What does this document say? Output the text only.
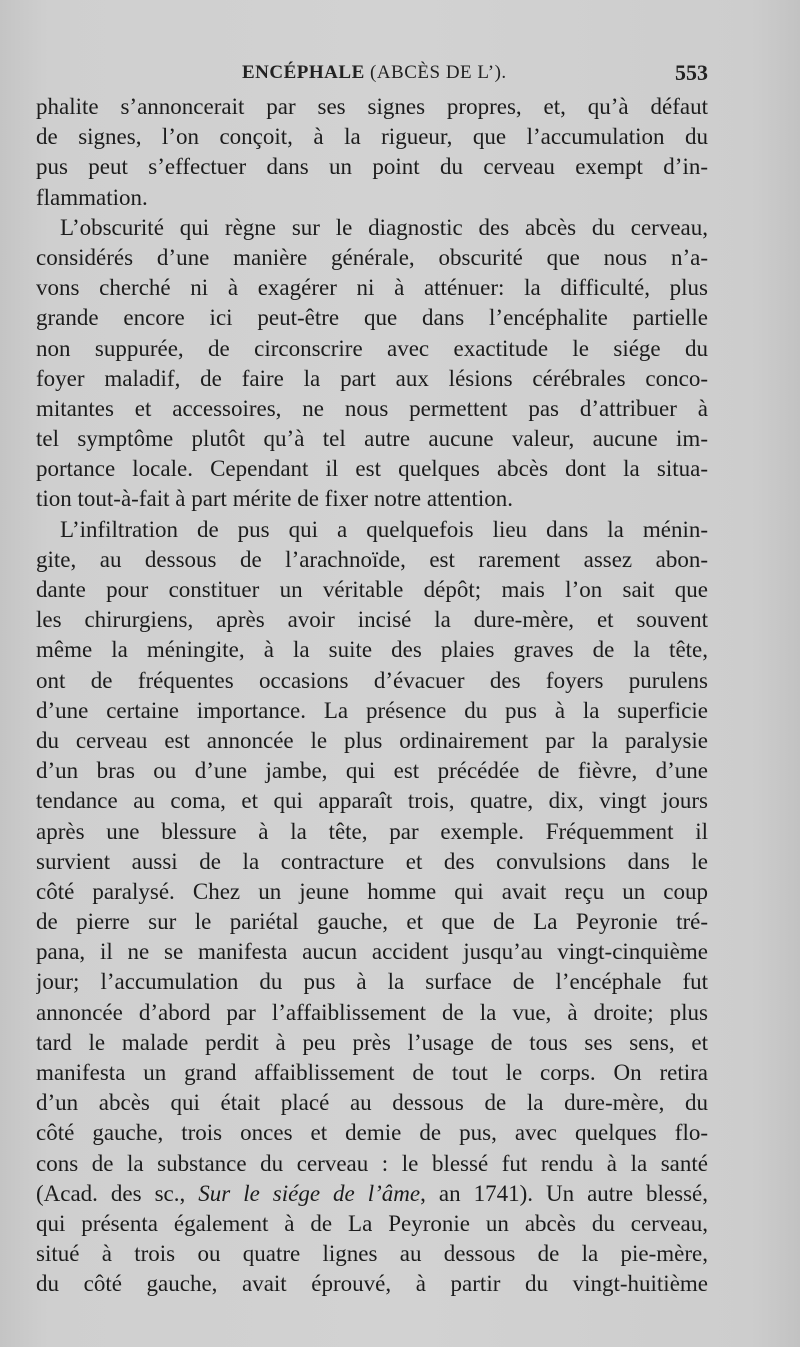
ENCÉPHALE (ABCÈS DE L’).	553
phalite s’annoncerait par ses signes propres, et, qu’à défaut
de signes, l’on conçoit, à la rigueur, que l’accumulation du
pus peut s’effectuer dans un point du cerveau exempt d’in-
flammation.
L’obscurité qui règne sur le diagnostic des abcès du cerveau,
considérés d’une manière générale, obscurité que nous n’a-
vons cherché ni à exagérer ni à atténuer: la difficulté, plus
grande encore ici peut-être que dans l’encéphalite partielle
non suppurée, de circonscrire avec exactitude le siége du
foyer maladif, de faire la part aux lésions cérébrales conco-
mitantes et accessoires, ne nous permettent pas d’attribuer à
tel symptôme plutôt qu’à tel autre aucune valeur, aucune im-
portance locale. Cependant il est quelques abcès dont la situa-
tion tout-à-fait à part mérite de fixer notre attention.
L’infiltration de pus qui a quelquefois lieu dans la ménin-
gite, au dessous de l’arachnoïde, est rarement assez abon-
dante pour constituer un véritable dépôt; mais l’on sait que
les chirurgiens, après avoir incisé la dure-mère, et souvent
même la méningite, à la suite des plaies graves de la tête,
ont de fréquentes occasions d’évacuer des foyers purulens
d’une certaine importance. La présence du pus à la superficie
du cerveau est annoncée le plus ordinairement par la paralysie
d’un bras ou d’une jambe, qui est précédée de fièvre, d’une
tendance au coma, et qui apparaît trois, quatre, dix, vingt jours
après une blessure à la tête, par exemple. Fréquemment il
survient aussi de la contracture et des convulsions dans le
côté paralysé. Chez un jeune homme qui avait reçu un coup
de pierre sur le pariétal gauche, et que de La Peyronie tré-
pana, il ne se manifesta aucun accident jusqu’au vingt-cinquième
jour; l’accumulation du pus à la surface de l’encéphale fut
annoncée d’abord par l’affaiblissement de la vue, à droite; plus
tard le malade perdit à peu près l’usage de tous ses sens, et
manifesta un grand affaiblissement de tout le corps. On retira
d’un abcès qui était placé au dessous de la dure-mère, du
côté gauche, trois onces et demie de pus, avec quelques flo-
cons de la substance du cerveau : le blessé fut rendu à la santé
(Acad. des sc., Sur le siége de l’âme, an 1741). Un autre blessé,
qui présenta également à de La Peyronie un abcès du cerveau,
situé à trois ou quatre lignes au dessous de la pie-mère,
du côté gauche, avait éprouvé, à partir du vingt-huitième
